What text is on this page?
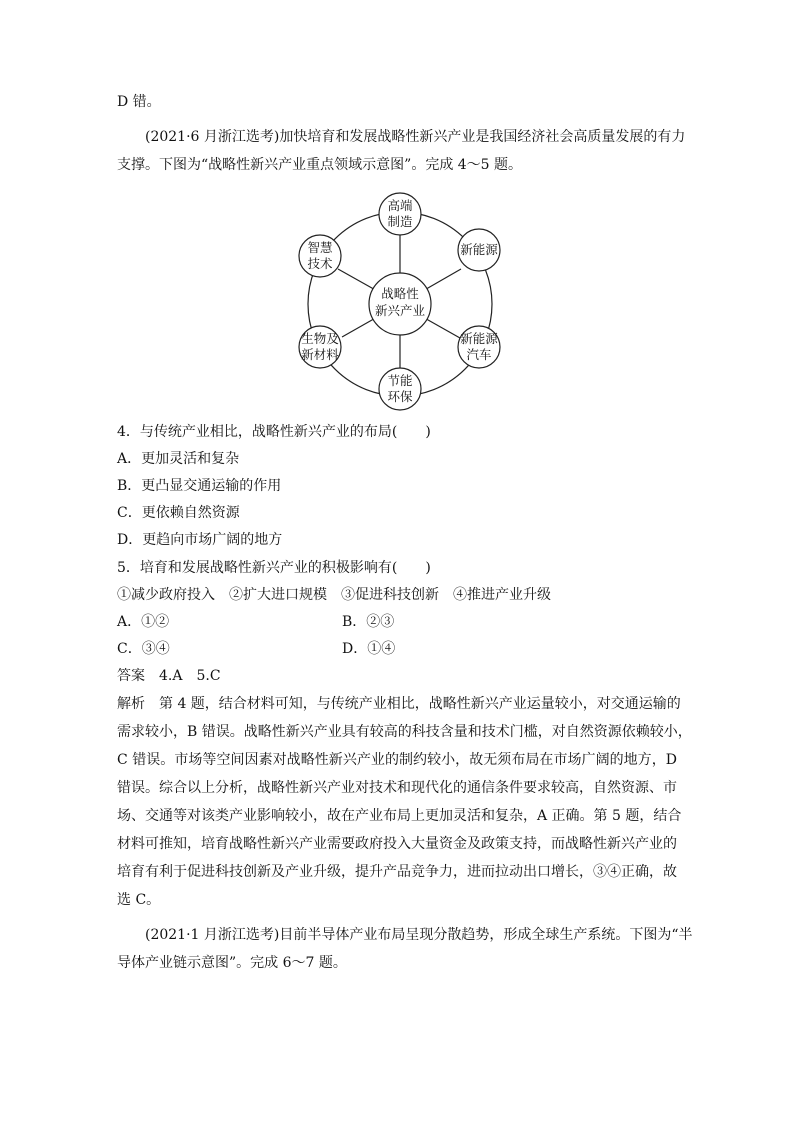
D 错。
(2021·6 月浙江选考)加快培育和发展战略性新兴产业是我国经济社会高质量发展的有力
支撑。下图为“战略性新兴产业重点领域示意图”。完成 4～5 题。
战略性
新兴产业
高端
制造
新能源
新能源
汽车
节能
环保
生物及
新材料
智慧
技术
4．与传统产业相比，战略性新兴产业的布局(　　)
A．更加灵活和复杂
B．更凸显交通运输的作用
C．更依赖自然资源
D．更趋向市场广阔的地方
5．培育和发展战略性新兴产业的积极影响有(　　)
①减少政府投入　②扩大进口规模　③促进科技创新　④推进产业升级
A．①②	B．②③
C．③④	D．①④
答案　4.A　5.C
解析　第 4 题，结合材料可知，与传统产业相比，战略性新兴产业运量较小，对交通运输的
需求较小，B 错误。战略性新兴产业具有较高的科技含量和技术门槛，对自然资源依赖较小，
C 错误。市场等空间因素对战略性新兴产业的制约较小，故无须布局在市场广阔的地方，D
错误。综合以上分析，战略性新兴产业对技术和现代化的通信条件要求较高，自然资源、市
场、交通等对该类产业影响较小，故在产业布局上更加灵活和复杂，A 正确。第 5 题，结合
材料可推知，培育战略性新兴产业需要政府投入大量资金及政策支持，而战略性新兴产业的
培育有利于促进科技创新及产业升级，提升产品竞争力，进而拉动出口增长，③④正确，故
选 C。
(2021·1 月浙江选考)目前半导体产业布局呈现分散趋势，形成全球生产系统。下图为“半
导体产业链示意图”。完成 6～7 题。
